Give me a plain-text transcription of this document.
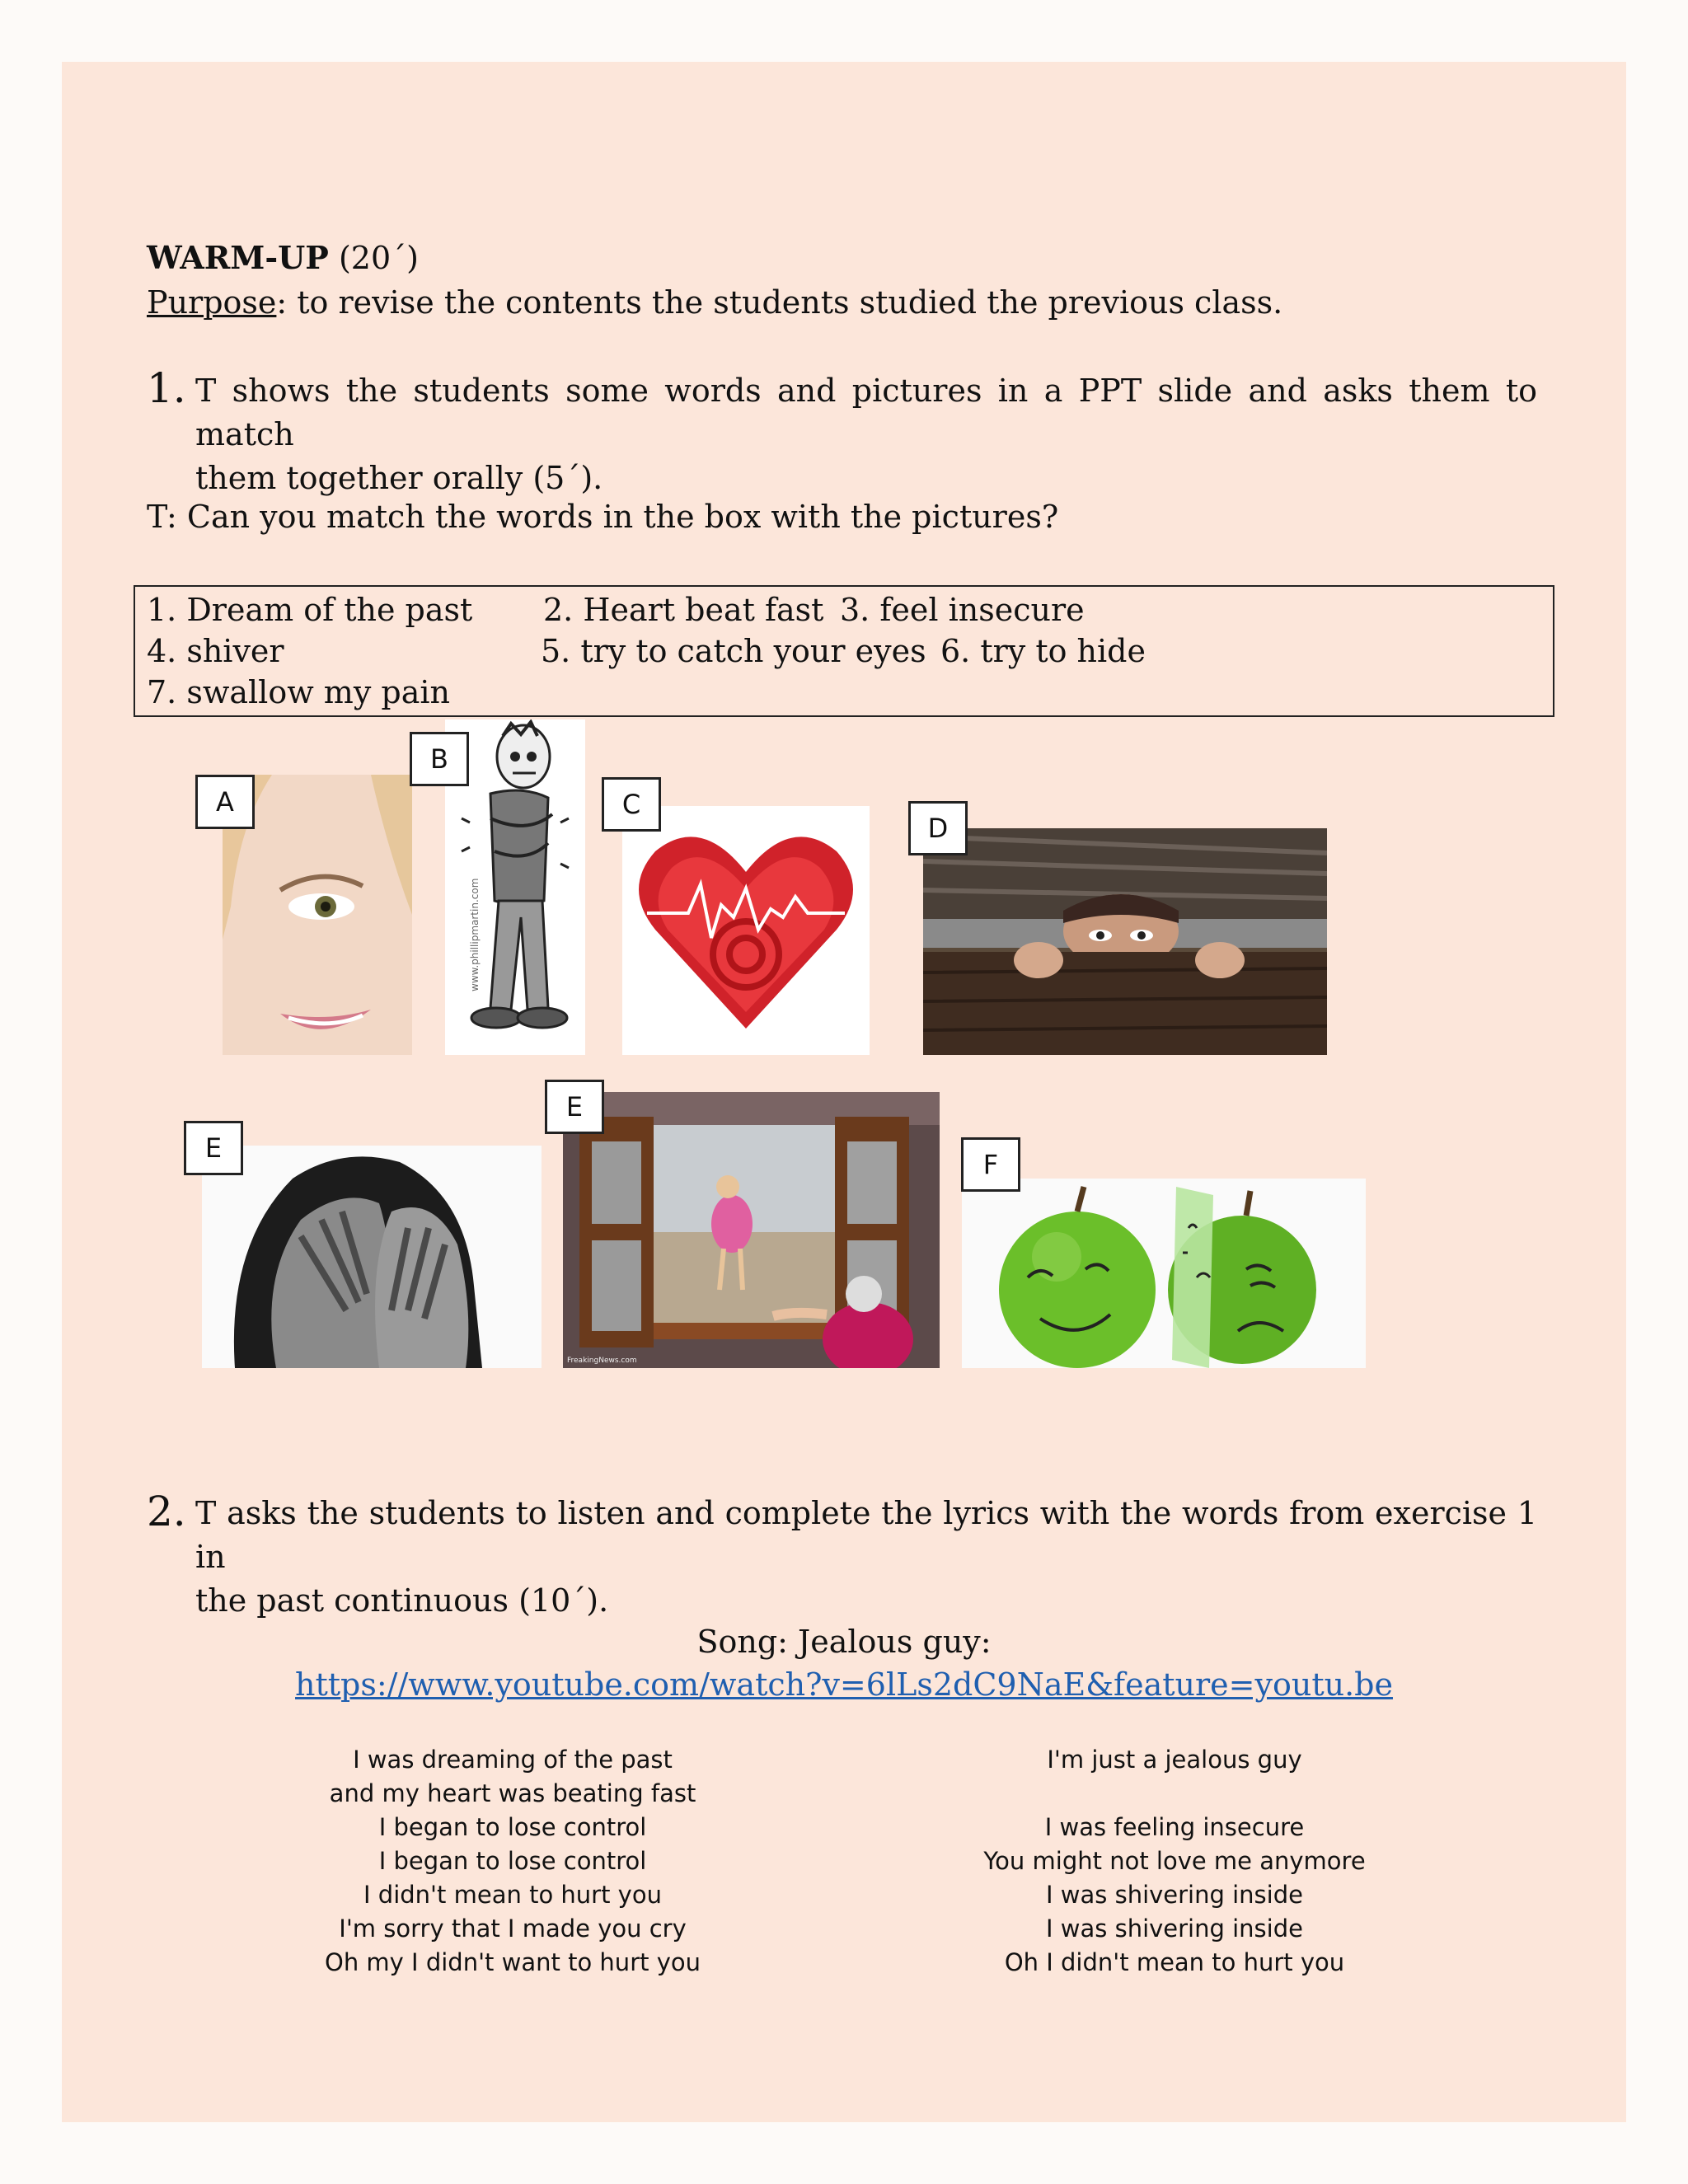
WARM-UP (20´)
Purpose: to revise the contents the students studied the previous class.
1. T shows the students some words and pictures in a PPT slide and asks them to match
them together orally (5´).
T: Can you match the words in the box with the pictures?
1. Dream of the past 2. Heart beat fast 3. feel insecure
4. shiver	5. try to catch your eyes 6. try to hide
7. swallow my pain
A
www.phillipmartin.com
B
C
D
E
FreakingNews.com
E
F
2. T asks the students to listen and complete the lyrics with the words from exercise 1 in
the past continuous (10´).
Song: Jealous guy:
https://www.youtube.com/watch?v=6lLs2dC9NaE&feature=youtu.be
I was dreaming of the past
and my heart was beating fast
I began to lose control
I began to lose control
I didn't mean to hurt you
I'm sorry that I made you cry
Oh my I didn't want to hurt you
I'm just a jealous guy
I was feeling insecure
You might not love me anymore
I was shivering inside
I was shivering inside
Oh I didn't mean to hurt you
